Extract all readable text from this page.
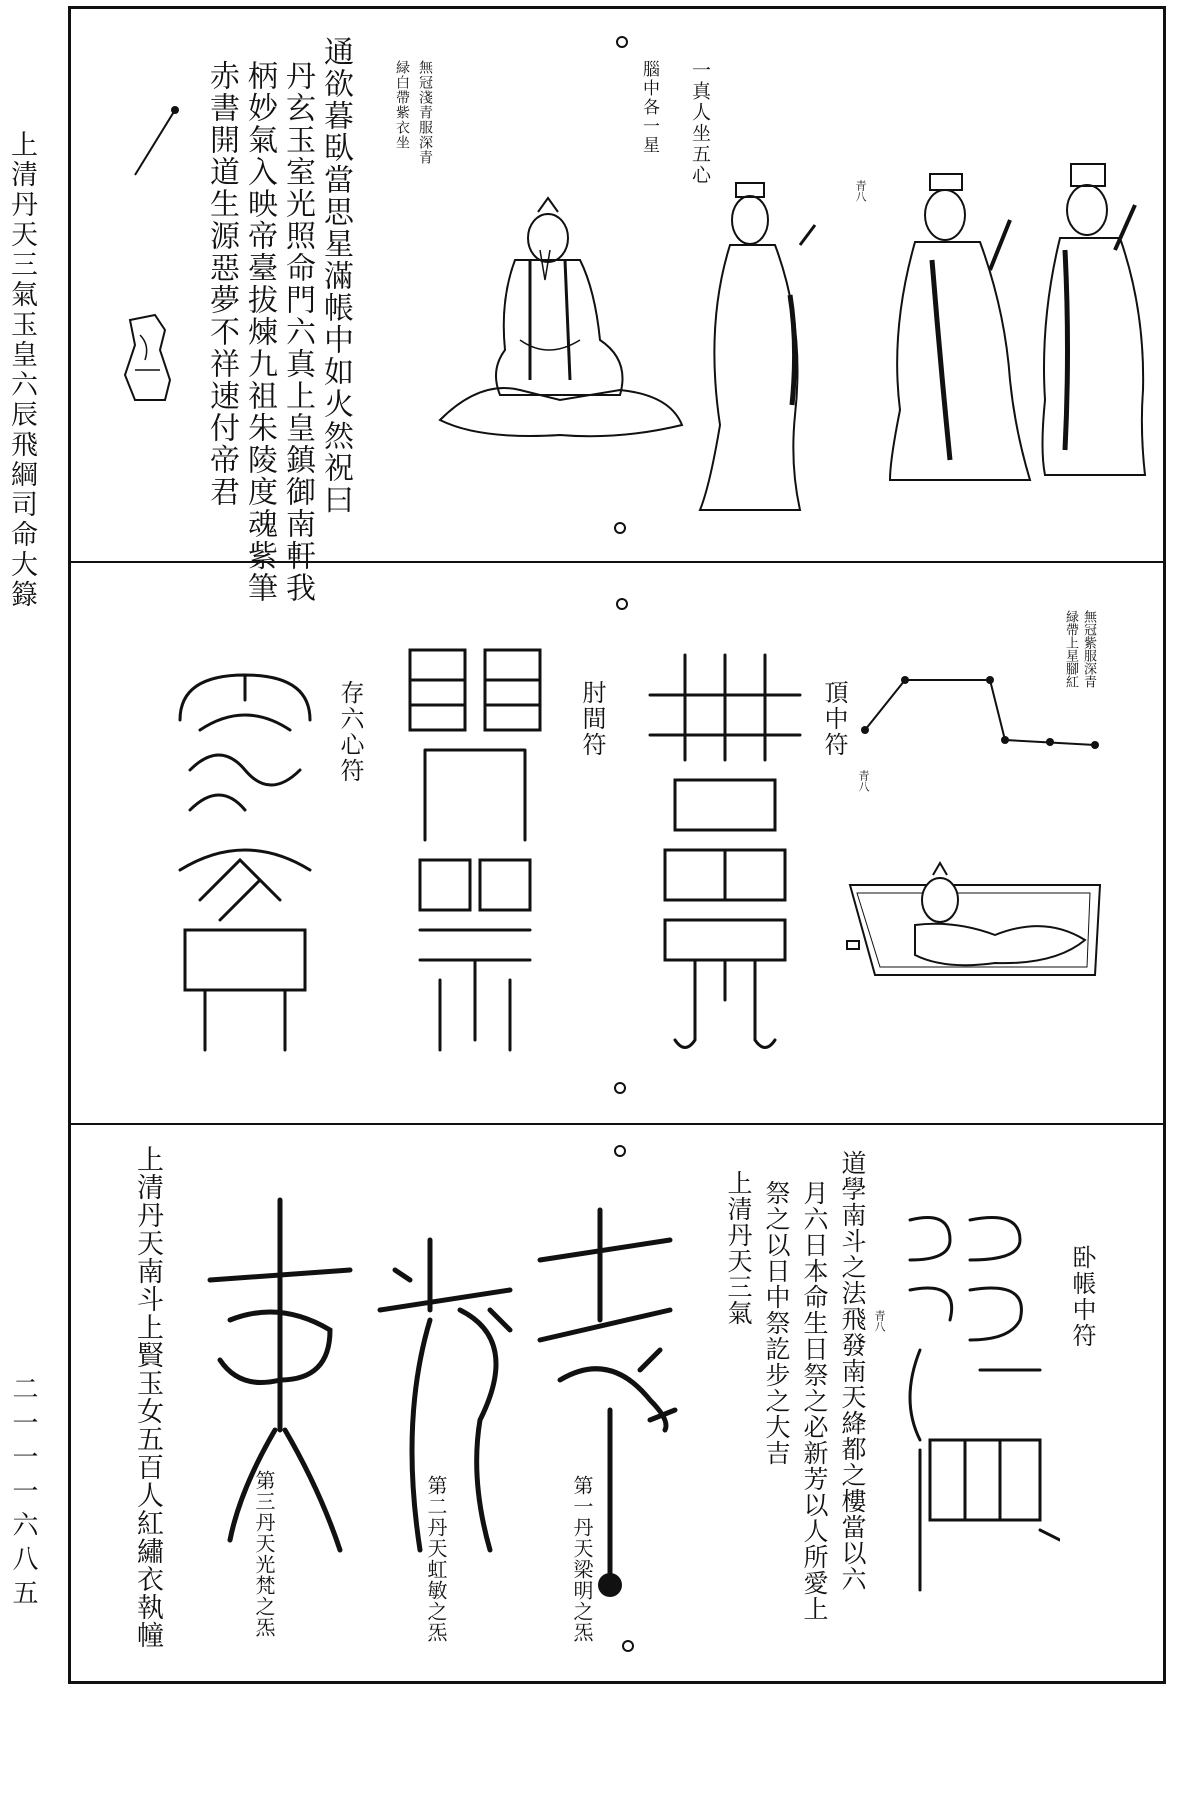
上清丹天三氣玉皇六辰飛綱司命大籙
二一一一六八五
一真人坐五心
腦中各一星
緑白帶紫衣坐 無冠淺青服深青
青八
通欲暮臥當思星滿帳中如火然祝曰
丹玄玉室光照命門六真上皇鎮御南軒我
柄妙氣入映帝臺拔煉九祖朱陵度魂紫筆
赤書開道生源惡夢不祥速付帝君
頂中符
肘間符
存六心符
無冠紫服深青
緑帶上星腳紅
青八
卧帳中符
道學南斗之法飛發南天絳都之樓當以六
月六日本命生日祭之必新芳以人所愛上
祭之以日中祭訖步之大吉
上清丹天三氣	青八
第一丹天梁明之炁
第二丹天虹敏之炁
第三丹天光梵之炁
上清丹天南斗上賢玉女五百人紅繡衣執幢
